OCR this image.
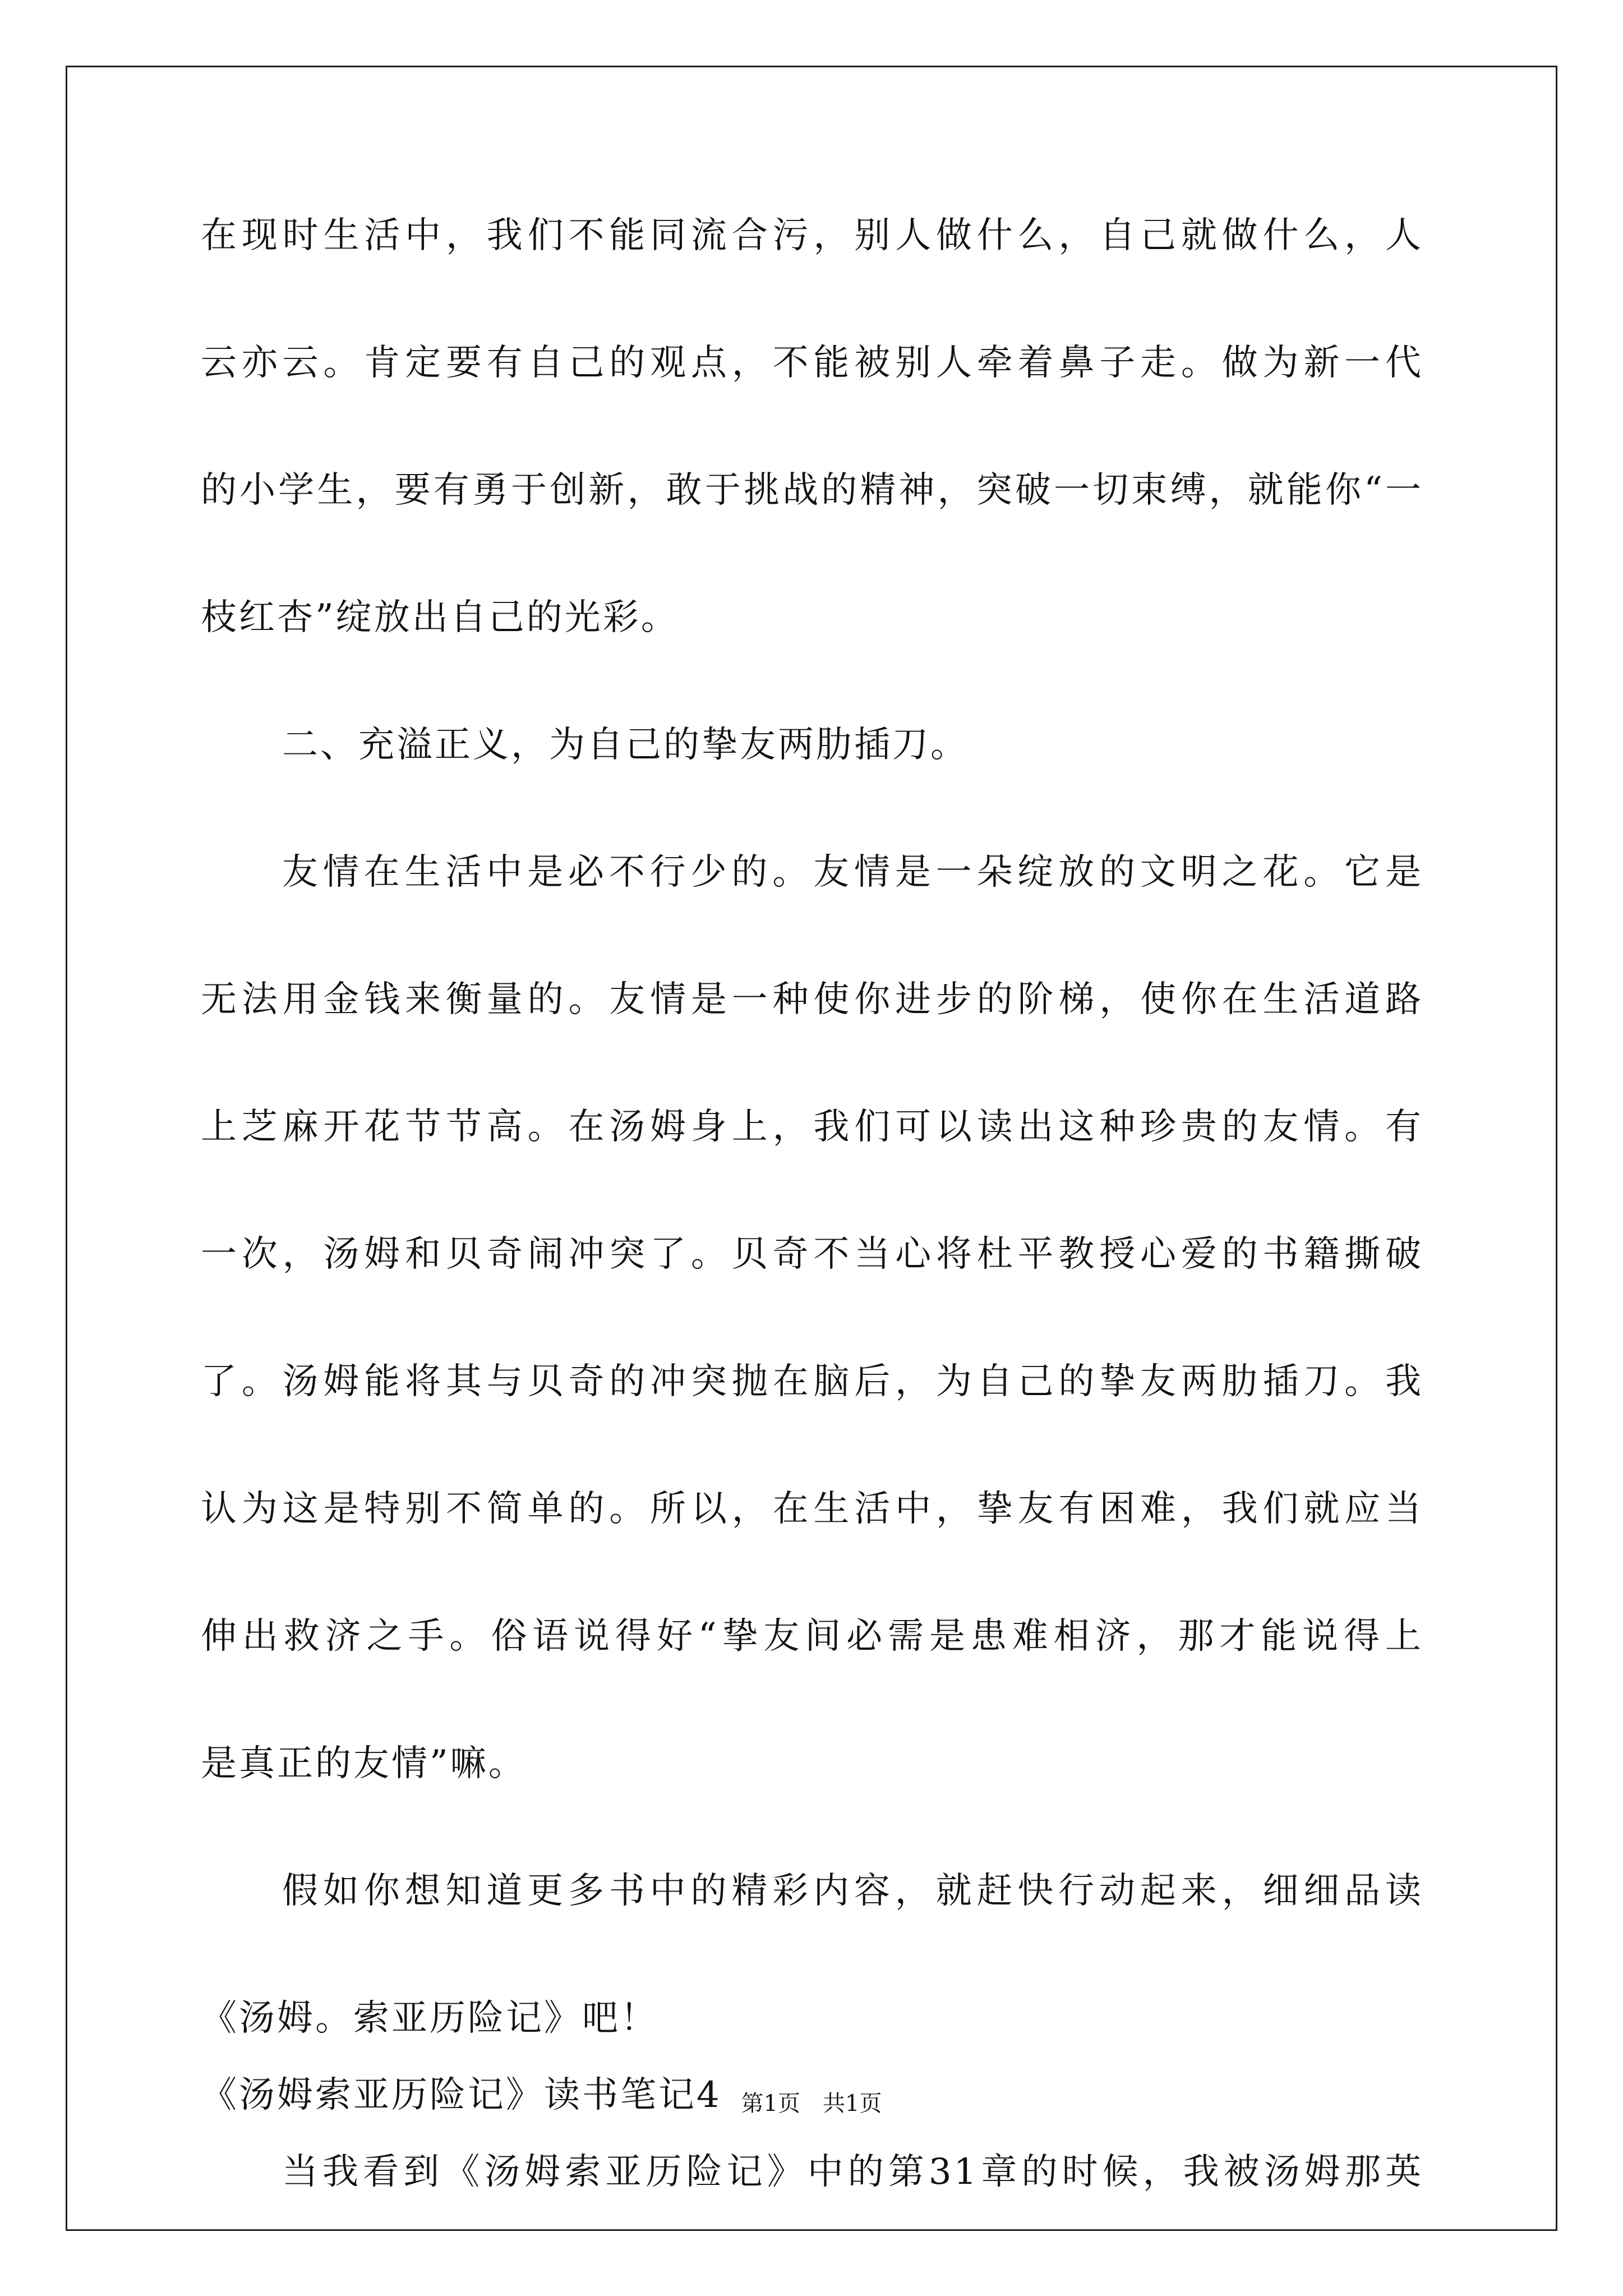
在现时生活中，我们不能同流合污，别人做什么，自己就做什么，人
云亦云。肯定要有自己的观点，不能被别人牵着鼻子走。做为新一代
的小学生，要有勇于创新，敢于挑战的精神，突破一切束缚，就能你“一
枝红杏”绽放出自己的光彩。
二、充溢正义，为自己的挚友两肋插刀。
友情在生活中是必不行少的。友情是一朵绽放的文明之花。它是
无法用金钱来衡量的。友情是一种使你进步的阶梯，使你在生活道路
上芝麻开花节节高。在汤姆身上，我们可以读出这种珍贵的友情。有
一次，汤姆和贝奇闹冲突了。贝奇不当心将杜平教授心爱的书籍撕破
了。汤姆能将其与贝奇的冲突抛在脑后，为自己的挚友两肋插刀。我
认为这是特别不简单的。所以，在生活中，挚友有困难，我们就应当
伸出救济之手。俗语说得好“挚友间必需是患难相济，那才能说得上
是真正的友情”嘛。
假如你想知道更多书中的精彩内容，就赶快行动起来，细细品读
《汤姆。索亚历险记》吧！
《汤姆索亚历险记》读书笔记4
当我看到《汤姆索亚历险记》中的第31章的时候，我被汤姆那英
第1页　共1页
